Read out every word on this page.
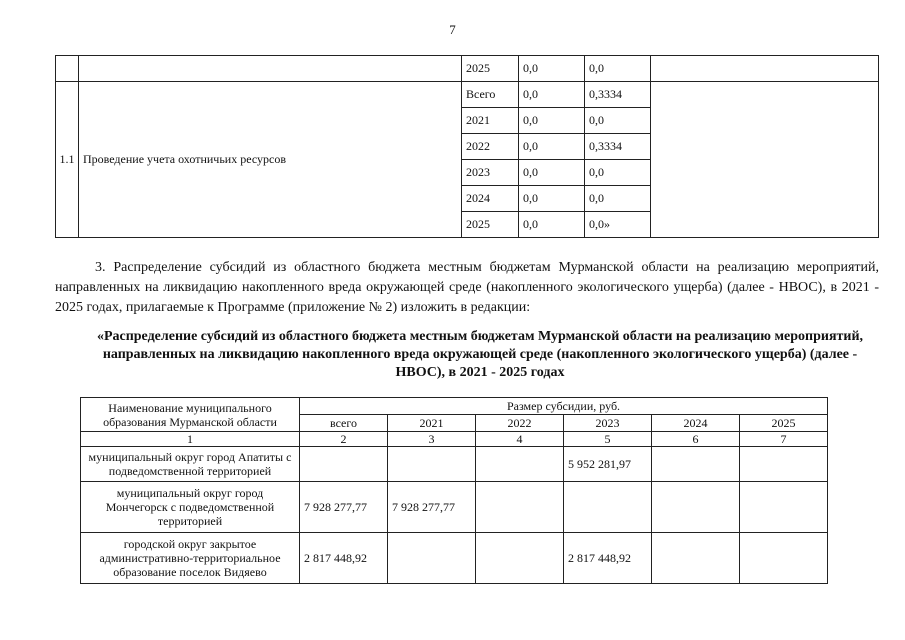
7
		2025	0,0	0,0	
1.1	Проведение учета охотничьих ресурсов	Всего	0,0	0,3334	
		2021	0,0	0,0	
		2022	0,0	0,3334	
		2023	0,0	0,0	
		2024	0,0	0,0	
		2025	0,0	0,0»	
3. Распределение субсидий из областного бюджета местным бюджетам Мурманской области на реализацию мероприятий, направленных на ликвидацию накопленного вреда окружающей среде (накопленного экологического ущерба) (далее - НВОС), в 2021 - 2025 годах, прилагаемые к Программе (приложение № 2) изложить в редакции:
«Распределение субсидий из областного бюджета местным бюджетам Мурманской области на реализацию мероприятий, направленных на ликвидацию накопленного вреда окружающей среде (накопленного экологического ущерба) (далее - НВОС), в 2021 - 2025 годах
Наименование муниципального образования Мурманской области	Размер субсидии, руб.					
	всего	2021	2022	2023	2024	2025
1	2	3	4	5	6	7
муниципальный округ город Апатиты с подведомственной территорией				5 952 281,97		
муниципальный округ город Мончегорск с подведомственной территорией	7 928 277,77	7 928 277,77				
городской округ закрытое административно-территориальное образование поселок Видяево	2 817 448,92			2 817 448,92		
